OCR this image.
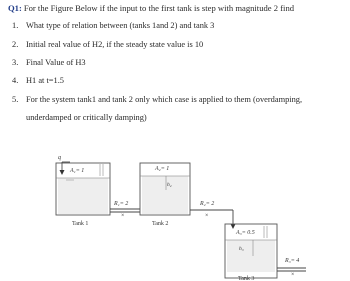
Q1: For the Figure Below if the input to the first tank is step with magnitude 2 find
1. What type of relation between (tanks 1and 2) and tank 3
2. Initial real value of H2, if the steady state value is 10
3. Final Value of H3
4. H1 at t=1.5
5. For the system tank1 and tank 2 only which case is applied to them (overdamping,
underdamped or critically damping)
q
A₁= 1
Tank 1
R₁= 2
×
A₂= 1
h₂
Tank 2
R₂= 2
×
A₃= 0.5
h₃
Tank 3
R₃= 4
×
